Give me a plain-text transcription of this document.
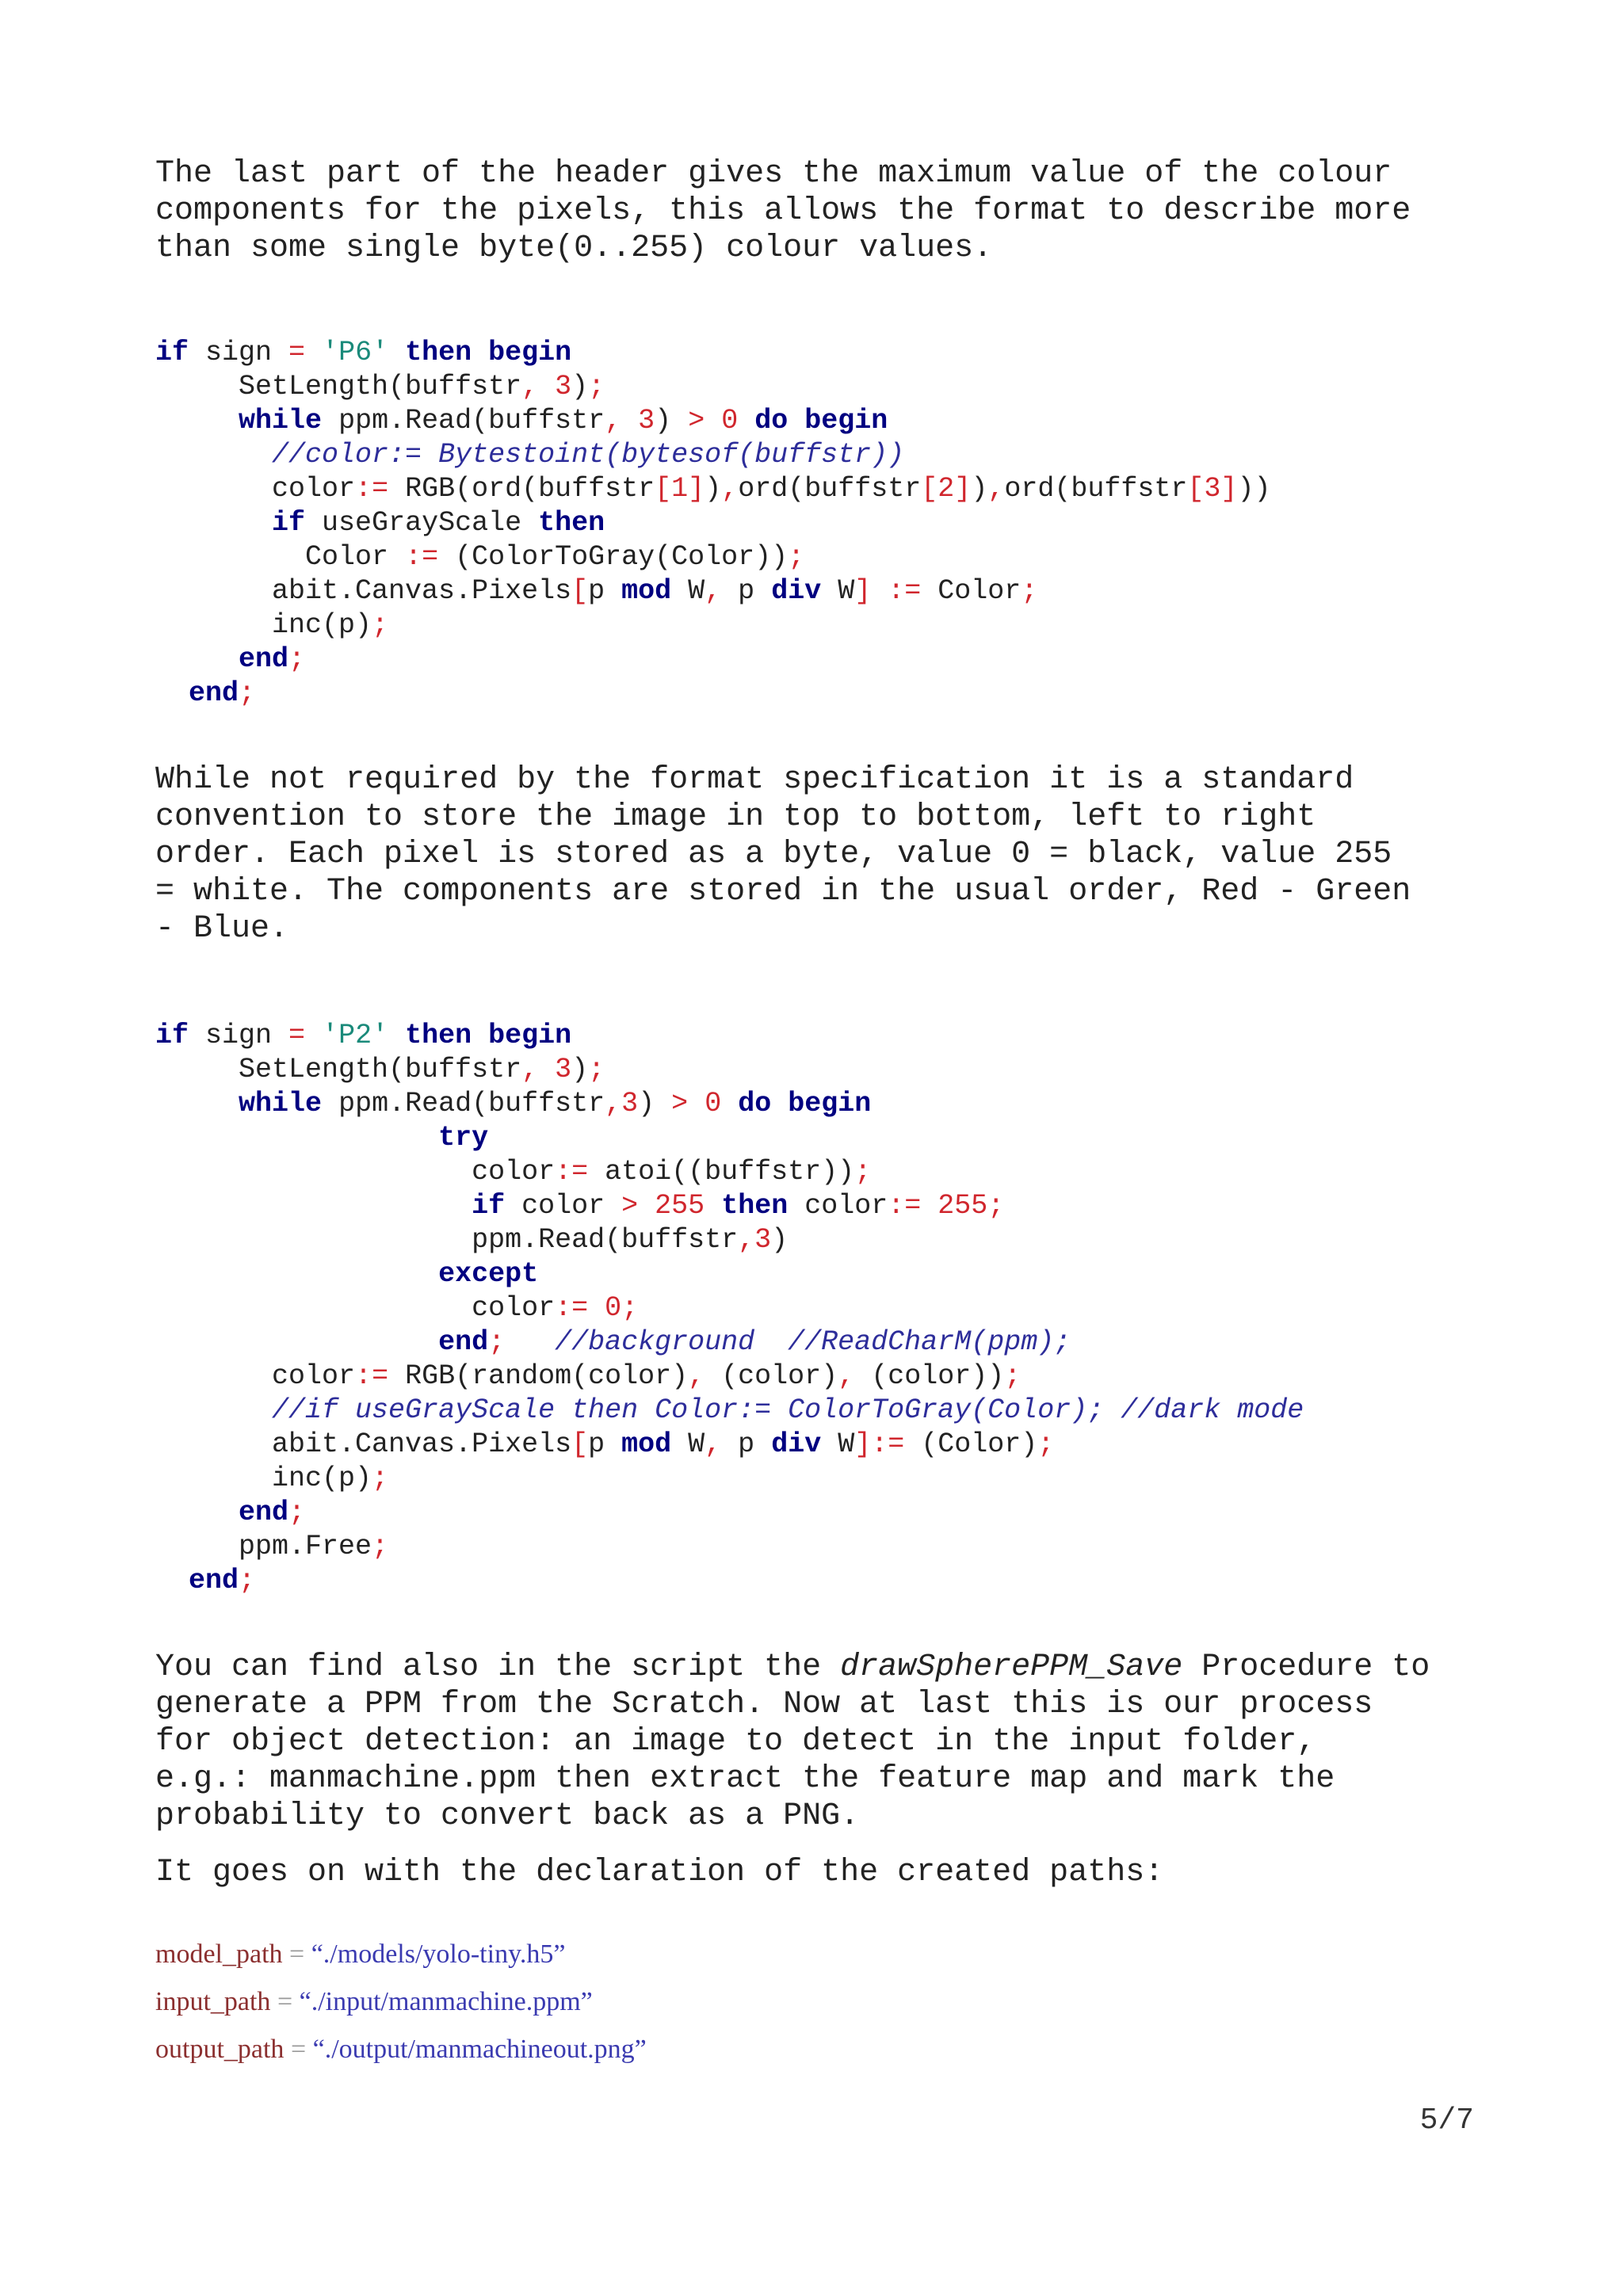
The last part of the header gives the maximum value of the colour
components for the pixels, this allows the format to describe more
than some single byte(0..255) colour values.
if sign = 'P6' then begin
SetLength(buffstr, 3);
while ppm.Read(buffstr, 3) > 0 do begin
//color:= Bytestoint(bytesof(buffstr))
color:= RGB(ord(buffstr[1]),ord(buffstr[2]),ord(buffstr[3]))
if useGrayScale then
Color := (ColorToGray(Color));
abit.Canvas.Pixels[p mod W, p div W] := Color;
inc(p);
end;
end;
While not required by the format specification it is a standard
convention to store the image in top to bottom, left to right
order. Each pixel is stored as a byte, value 0 = black, value 255
= white. The components are stored in the usual order, Red - Green
- Blue.
if sign = 'P2' then begin
SetLength(buffstr, 3);
while ppm.Read(buffstr,3) > 0 do begin
try
color:= atoi((buffstr));
if color > 255 then color:= 255;
ppm.Read(buffstr,3)
except
color:= 0;
end; //background  //ReadCharM(ppm);
color:= RGB(random(color), (color), (color));
//if useGrayScale then Color:= ColorToGray(Color); //dark mode
abit.Canvas.Pixels[p mod W, p div W]:= (Color);
inc(p);
end;
ppm.Free;
end;
You can find also in the script the drawSpherePPM_Save Procedure to
generate a PPM from the Scratch. Now at last this is our process
for object detection: an image to detect in the input folder,
e.g.: manmachine.ppm then extract the feature map and mark the
probability to convert back as a PNG.
It goes on with the declaration of the created paths:
model_path = “./models/yolo-tiny.h5”
input_path = “./input/manmachine.ppm”
output_path = “./output/manmachineout.png”
5/7
